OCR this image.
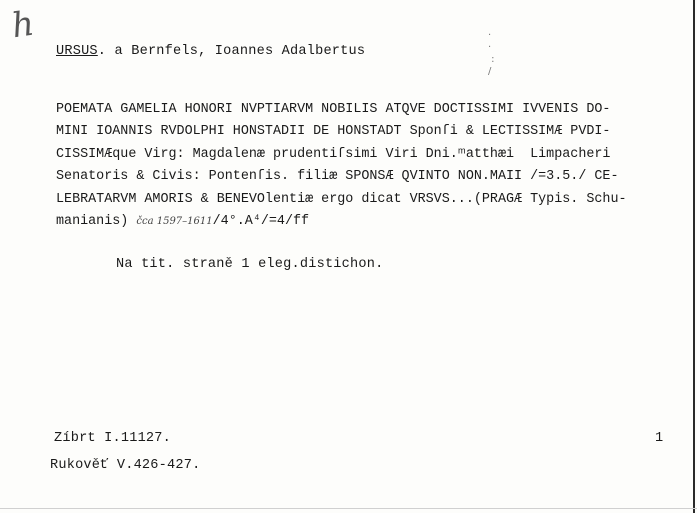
h	·
·
:
/
URSUS. a Bernfels, Ioannes Adalbertus
POEMATA GAMELIA HONORI NVPTIARVM NOBILIS ATQVE DOCTISSIMI IVVENIS DO-
MINI IOANNIS RVDOLPHI HONSTADII DE HONSTADT Sponſi & LECTISSIMÆ PVDI-
CISSIMÆque Virg: Magdalenæ prudentiſsimi Viri Dni.ᵐatthæi  Limpacheri
Senatoris & Civis: Pontenſis. filiæ SPONSÆ QVINTO NON.MAII /=3.5./ CE-
LEBRATARVM AMORIS & BENEVOlentiæ ergo dicat VRSVS...(PRAGÆ Typis. Schu-
manianis) čca 1597–1611/4°.A⁴/=4/ff
Na tit. straně 1 eleg.distichon.
Zíbrt I.11127.
Rukověť V.426-427.
1
